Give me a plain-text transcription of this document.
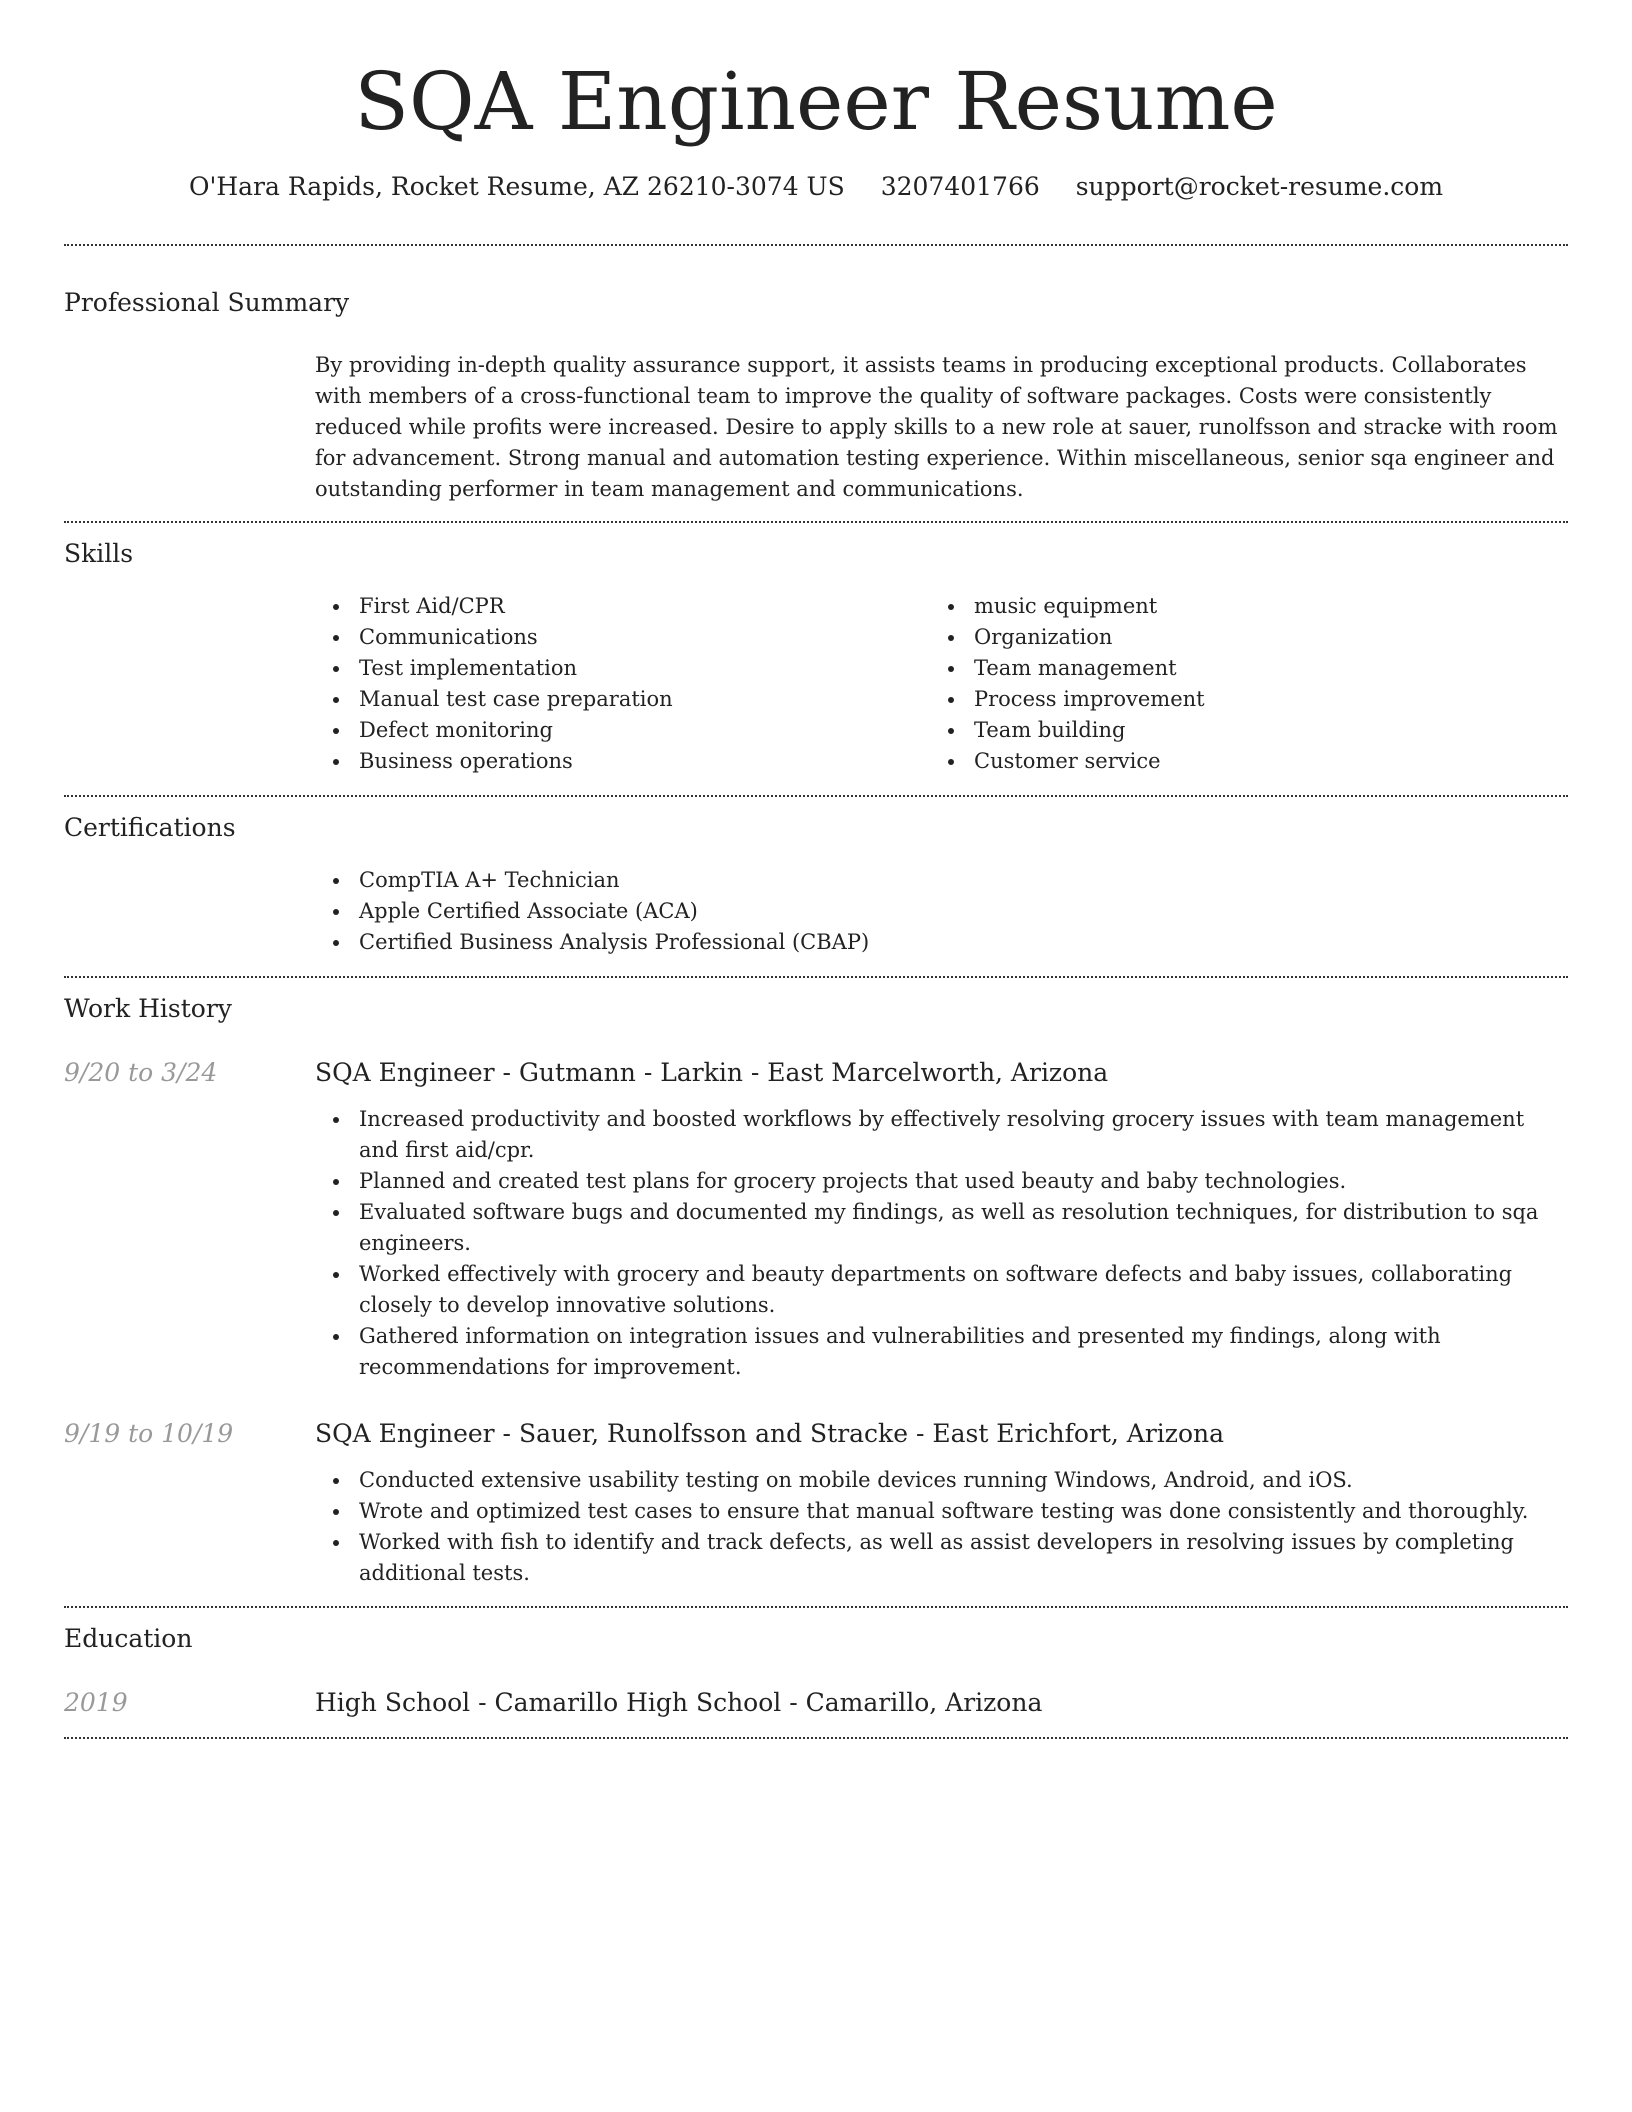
SQA Engineer Resume
O'Hara Rapids, Rocket Resume, AZ 26210-3074 US 3207401766 support@rocket-resume.com
Professional Summary

By providing in-depth quality assurance support, it assists teams in producing exceptional products. Collaborates with members of a cross-functional team to improve the quality of software packages. Costs were consistently reduced while profits were increased. Desire to apply skills to a new role at sauer, runolfsson and stracke with room for advancement. Strong manual and automation testing experience. Within miscellaneous, senior sqa engineer and outstanding performer in team management and communications.

Skills
First Aid/CPR
Communications
Test implementation
Manual test case preparation
Defect monitoring
Business operations
music equipment
Organization
Team management
Process improvement
Team building
Customer service
Certifications
CompTIA A+ Technician
Apple Certified Associate (ACA)
Certified Business Analysis Professional (CBAP)
Work History
9/20 to 3/24	SQA Engineer - Gutmann - Larkin - East Marcelworth, Arizona
Increased productivity and boosted workflows by effectively resolving grocery issues with team management and first aid/cpr.
Planned and created test plans for grocery projects that used beauty and baby technologies.
Evaluated software bugs and documented my findings, as well as resolution techniques, for distribution to sqa engineers.
Worked effectively with grocery and beauty departments on software defects and baby issues, collaborating closely to develop innovative solutions.
Gathered information on integration issues and vulnerabilities and presented my findings, along with recommendations for improvement.
9/19 to 10/19	SQA Engineer - Sauer, Runolfsson and Stracke - East Erichfort, Arizona
Conducted extensive usability testing on mobile devices running Windows, Android, and iOS.
Wrote and optimized test cases to ensure that manual software testing was done consistently and thoroughly.
Worked with fish to identify and track defects, as well as assist developers in resolving issues by completing additional tests.
Education
2019	High School - Camarillo High School - Camarillo, Arizona
